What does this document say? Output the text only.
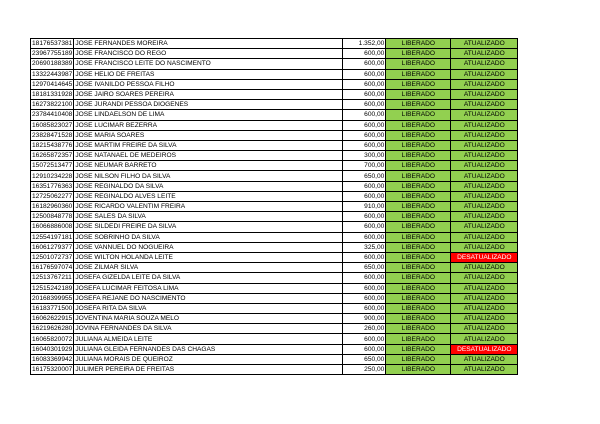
18176537381	JOSE FERNANDES MOREIRA	1.352,00	LIBERADO	ATUALIZADO
23967755189	JOSE FRANCISCO DO REGO	600,00	LIBERADO	ATUALIZADO
20690188389	JOSE FRANCISCO LEITE DO NASCIMENTO	600,00	LIBERADO	ATUALIZADO
13322443987	JOSE HELIO DE FREITAS	600,00	LIBERADO	ATUALIZADO
12970414645	JOSE IVANILDO PESSOA FILHO	600,00	LIBERADO	ATUALIZADO
18181331928	JOSE JAIRO SOARES PEREIRA	600,00	LIBERADO	ATUALIZADO
16273822100	JOSE JURANDI PESSOA DIOGENES	600,00	LIBERADO	ATUALIZADO
23784410408	JOSE LINDAELSON DE LIMA	600,00	LIBERADO	ATUALIZADO
16085823027	JOSE LUCIMAR BEZERRA	600,00	LIBERADO	ATUALIZADO
23828471528	JOSE MARIA SOARES	600,00	LIBERADO	ATUALIZADO
18215438776	JOSE MARTIM FREIRE DA SILVA	600,00	LIBERADO	ATUALIZADO
16265872357	JOSE NATANAEL DE MEDEIROS	300,00	LIBERADO	ATUALIZADO
15072513477	JOSE NEUMAR BARRETO	700,00	LIBERADO	ATUALIZADO
12910234228	JOSE NILSON FILHO DA SILVA	650,00	LIBERADO	ATUALIZADO
16351776363	JOSE REGINALDO DA SILVA	600,00	LIBERADO	ATUALIZADO
12725062277	JOSE REGINALDO ALVES LEITE	600,00	LIBERADO	ATUALIZADO
16182960360	JOSE RICARDO VALENTIM FREIRA	910,00	LIBERADO	ATUALIZADO
12500848778	JOSE SALES DA SILVA	600,00	LIBERADO	ATUALIZADO
16066886008	JOSE SILDEDI FREIRE DA SILVA	600,00	LIBERADO	ATUALIZADO
12554197181	JOSE SOBRINHO DA SILVA	600,00	LIBERADO	ATUALIZADO
16061279377	JOSE VANNUEL DO NOGUEIRA	325,00	LIBERADO	ATUALIZADO
12501072737	JOSE WILTON HOLANDA LEITE	600,00	LIBERADO	DESATUALIZADO
16176597074	JOSE ZILMAR SILVA	650,00	LIBERADO	ATUALIZADO
12513767211	JOSEFA GIZELDA LEITE DA SILVA	600,00	LIBERADO	ATUALIZADO
12515242189	JOSEFA LUCIMAR FEITOSA LIMA	600,00	LIBERADO	ATUALIZADO
20168399955	JOSEFA REJANE DO NASCIMENTO	600,00	LIBERADO	ATUALIZADO
16183771500	JOSEFA RITA DA SILVA	600,00	LIBERADO	ATUALIZADO
16062622915	JOVENTINA MARIA SOUZA MELO	900,00	LIBERADO	ATUALIZADO
16219626280	JOVINA FERNANDES DA SILVA	260,00	LIBERADO	ATUALIZADO
16065820072	JULIANA ALMEIDA LEITE	600,00	LIBERADO	ATUALIZADO
16040301929	JULIANA GLEIDA FERNANDES DAS CHAGAS	600,00	LIBERADO	DESATUALIZADO
16083369942	JULIANA MORAIS DE QUEIROZ	650,00	LIBERADO	ATUALIZADO
16175320007	JULIMER PEREIRA DE FREITAS	250,00	LIBERADO	ATUALIZADO
